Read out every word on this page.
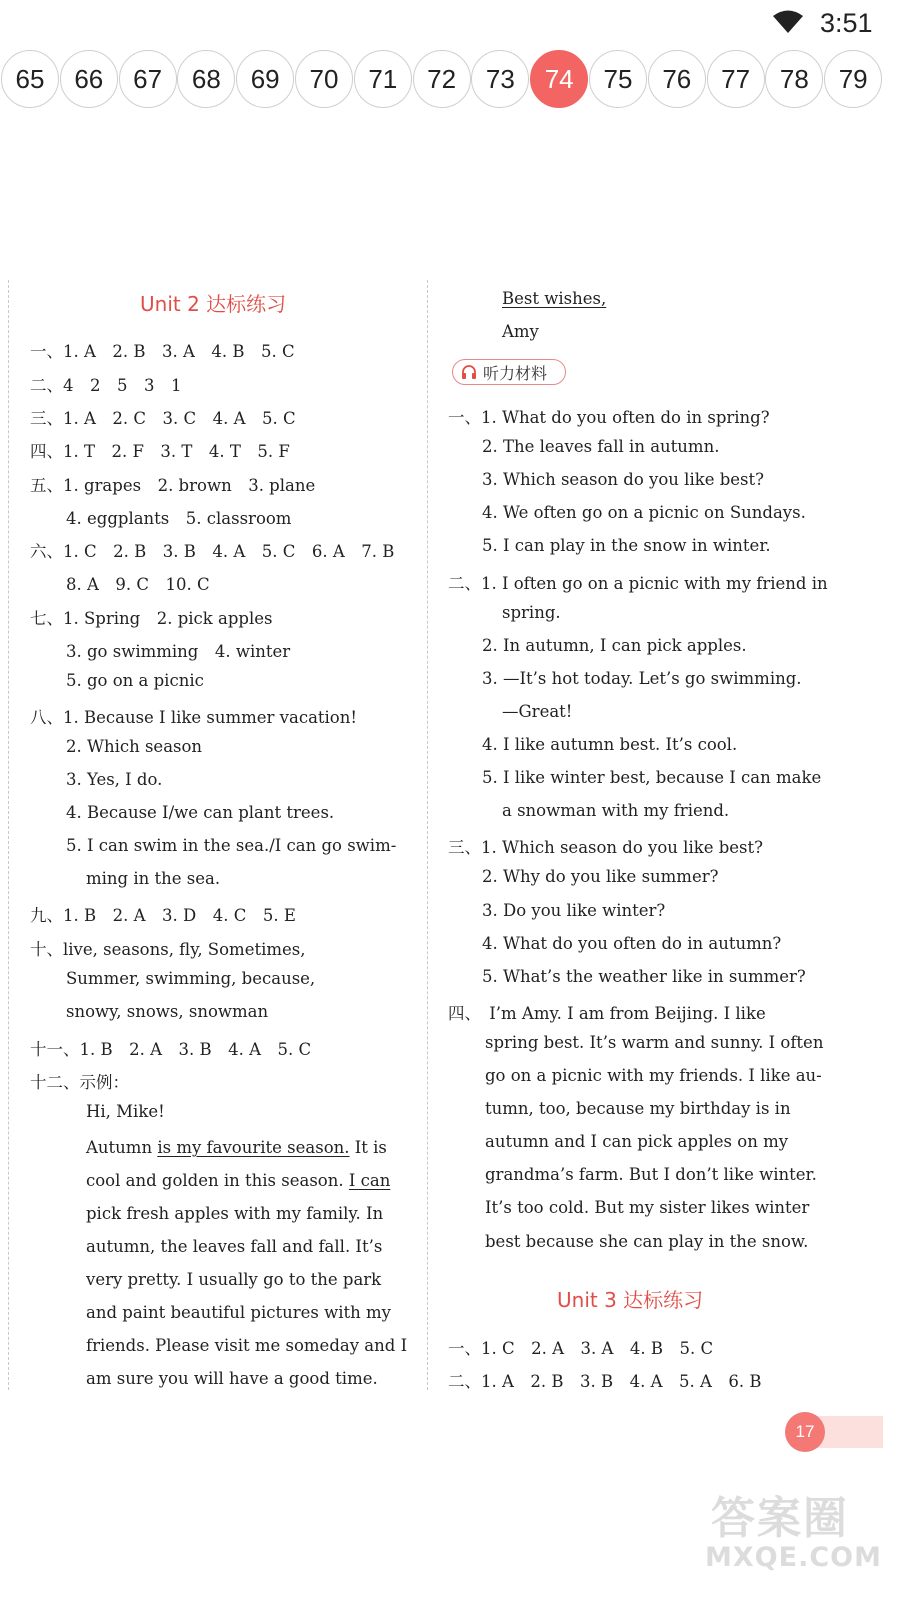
3:51
65	66	67	68	69	70	71	72	73	74	75	76	77	78	79
Unit 2 达标练习
一、1. A　2. B　3. A　4. B　5. C
二、4　2　5　3　1
三、1. A　2. C　3. C　4. A　5. C
四、1. T　2. F　3. T　4. T　5. F
五、1. grapes　2. brown　3. plane
4. eggplants　5. classroom
六、1. C　2. B　3. B　4. A　5. C　6. A　7. B
8. A　9. C　10. C
七、1. Spring　2. pick apples
3. go swimming　4. winter
5. go on a picnic
八、1. Because I like summer vacation!
2. Which season
3. Yes, I do.
4. Because I/we can plant trees.
5. I can swim in the sea./I can go swim-
ming in the sea.
九、1. B　2. A　3. D　4. C　5. E
十、live, seasons, fly, Sometimes,
Summer, swimming, because,
snowy, snows, snowman
十一、1. B　2. A　3. B　4. A　5. C
十二、示例：
Hi, Mike!
Autumn is my favourite season. It is
cool and golden in this season. I can
pick fresh apples with my family. In
autumn, the leaves fall and fall. It’s
very pretty. I usually go to the park
and paint beautiful pictures with my
friends. Please visit me someday and I
am sure you will have a good time.
Best wishes,
Amy
听力材料
一、1. What do you often do in spring?
2. The leaves fall in autumn.
3. Which season do you like best?
4. We often go on a picnic on Sundays.
5. I can play in the snow in winter.
二、1. I often go on a picnic with my friend in
spring.
2. In autumn, I can pick apples.
3. —It’s hot today. Let’s go swimming.
—Great!
4. I like autumn best. It’s cool.
5. I like winter best, because I can make
a snowman with my friend.
三、1. Which season do you like best?
2. Why do you like summer?
3. Do you like winter?
4. What do you often do in autumn?
5. What’s the weather like in summer?
四、　I’m Amy. I am from Beijing. I like
spring best. It’s warm and sunny. I often
go on a picnic with my friends. I like au-
tumn, too, because my birthday is in
autumn and I can pick apples on my
grandma’s farm. But I don’t like winter.
It’s too cold. But my sister likes winter
best because she can play in the snow.
Unit 3 达标练习
一、1. C　2. A　3. A　4. B　5. C
二、1. A　2. B　3. B　4. A　5. A　6. B
17
答案圈
MXQE.COM
